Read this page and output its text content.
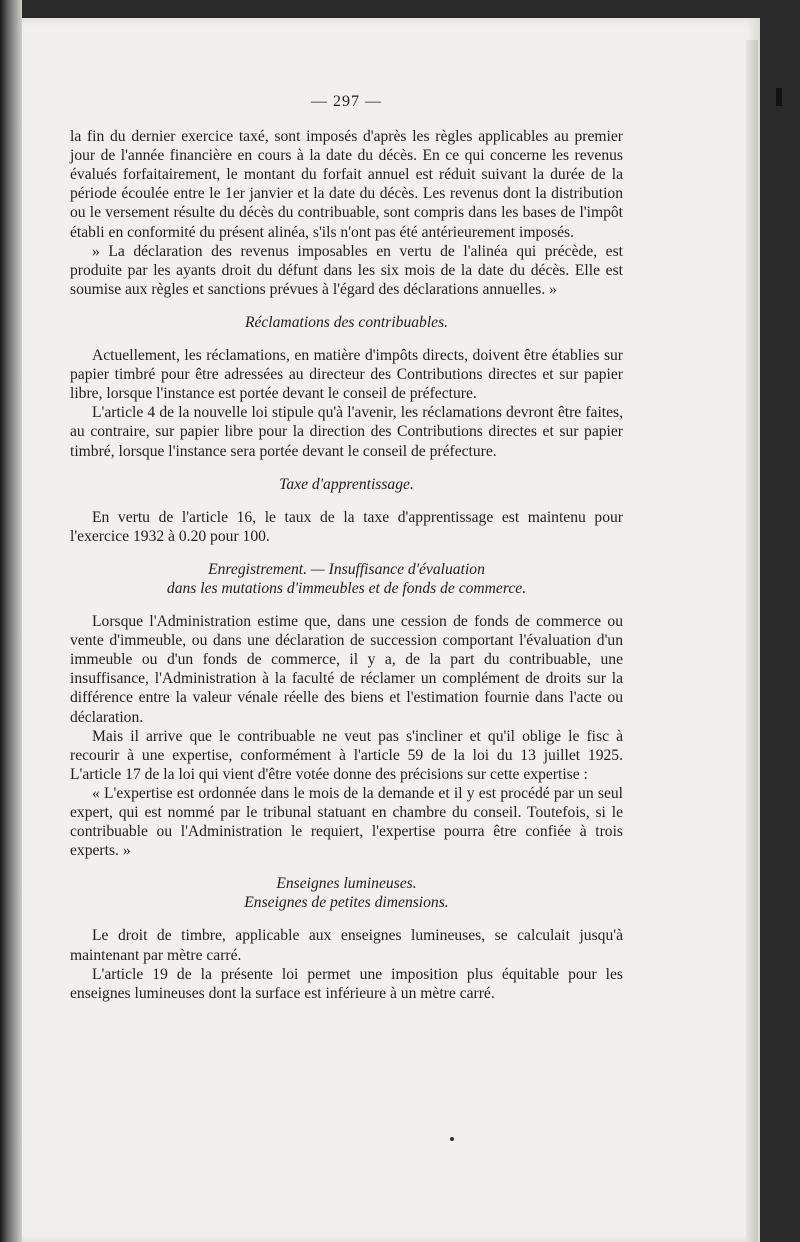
— 297 —

la fin du dernier exercice taxé, sont imposés d'après les règles applicables au premier jour de l'année financière en cours à la date du décès. En ce qui concerne les revenus évalués forfaitairement, le montant du forfait annuel est réduit suivant la durée de la période écoulée entre le 1er janvier et la date du décès. Les revenus dont la distribution ou le versement résulte du décès du contribuable, sont compris dans les bases de l'impôt établi en conformité du présent alinéa, s'ils n'ont pas été antérieurement imposés.

» La déclaration des revenus imposables en vertu de l'alinéa qui précède, est produite par les ayants droit du défunt dans les six mois de la date du décès. Elle est soumise aux règles et sanctions prévues à l'égard des déclarations annuelles. »

Réclamations des contribuables.

Actuellement, les réclamations, en matière d'impôts directs, doivent être établies sur papier timbré pour être adressées au directeur des Contributions directes et sur papier libre, lorsque l'instance est portée devant le conseil de préfecture.

L'article 4 de la nouvelle loi stipule qu'à l'avenir, les réclamations devront être faites, au contraire, sur papier libre pour la direction des Contributions directes et sur papier timbré, lorsque l'instance sera portée devant le conseil de préfecture.

Taxe d'apprentissage.

En vertu de l'article 16, le taux de la taxe d'apprentissage est maintenu pour l'exercice 1932 à 0.20 pour 100.

Enregistrement. — Insuffisance d'évaluation
dans les mutations d'immeubles et de fonds de commerce.

Lorsque l'Administration estime que, dans une cession de fonds de commerce ou vente d'immeuble, ou dans une déclaration de succession comportant l'évaluation d'un immeuble ou d'un fonds de commerce, il y a, de la part du contribuable, une insuffisance, l'Administration à la faculté de réclamer un complément de droits sur la différence entre la valeur vénale réelle des biens et l'estimation fournie dans l'acte ou déclaration.

Mais il arrive que le contribuable ne veut pas s'incliner et qu'il oblige le fisc à recourir à une expertise, conformément à l'article 59 de la loi du 13 juillet 1925. L'article 17 de la loi qui vient d'être votée donne des précisions sur cette expertise :

« L'expertise est ordonnée dans le mois de la demande et il y est procédé par un seul expert, qui est nommé par le tribunal statuant en chambre du conseil. Toutefois, si le contribuable ou l'Administration le requiert, l'expertise pourra être confiée à trois experts. »

Enseignes lumineuses.
Enseignes de petites dimensions.

Le droit de timbre, applicable aux enseignes lumineuses, se calculait jusqu'à maintenant par mètre carré.

L'article 19 de la présente loi permet une imposition plus équitable pour les enseignes lumineuses dont la surface est inférieure à un mètre carré.
